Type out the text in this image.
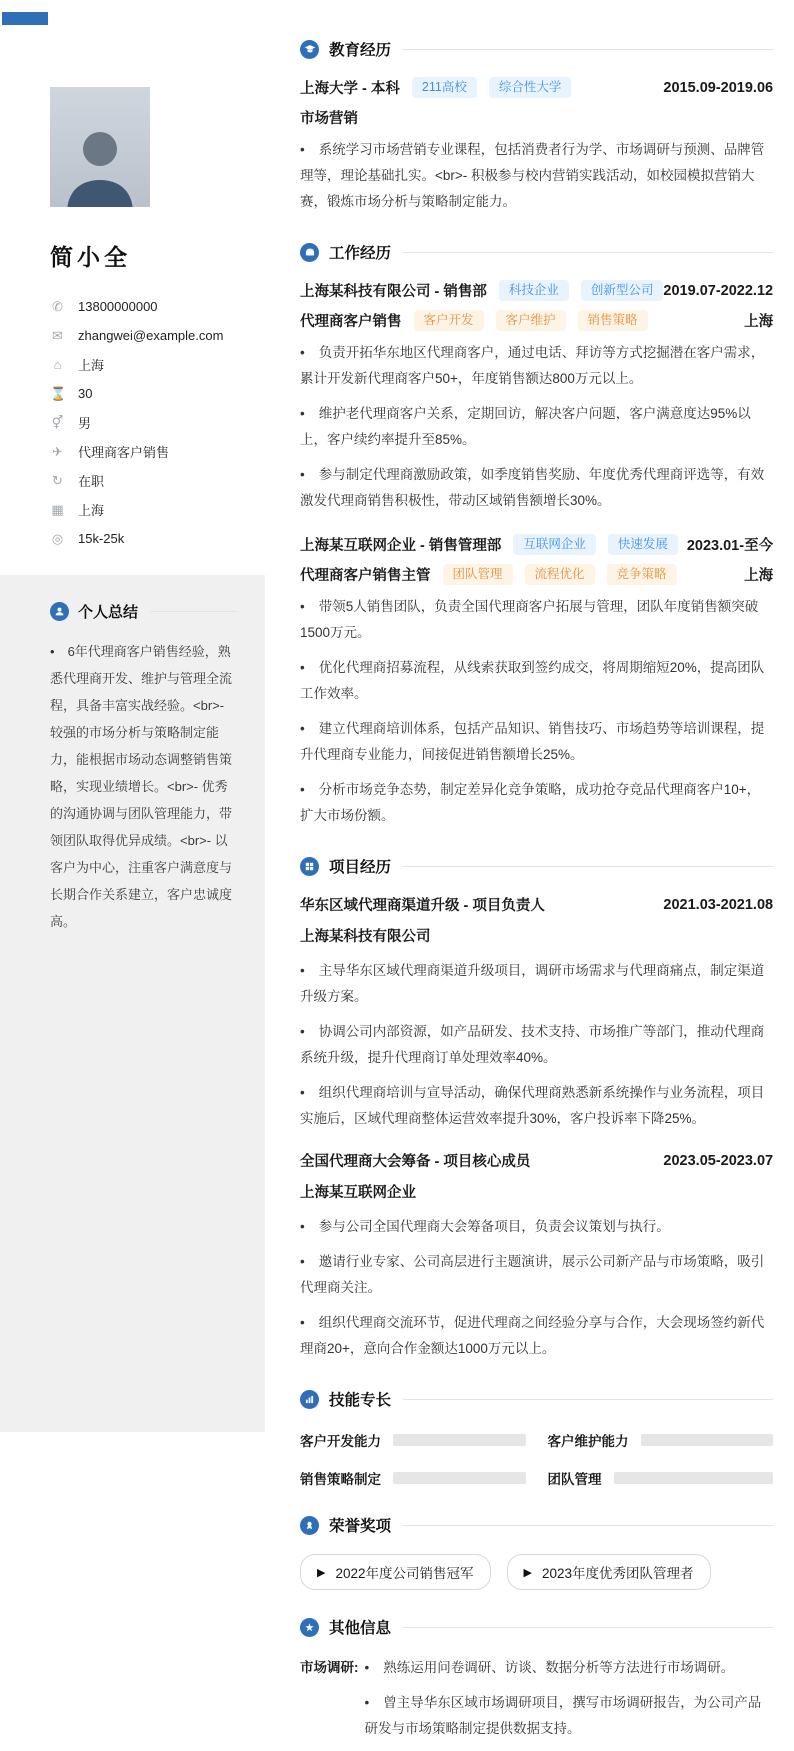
简小全
✆ 13800000000
✉ zhangwei@example.com
⌂ 上海
⌛ 30
⚥ 男
✈ 代理商客户销售
↻ 在职
▦ 上海
◎ 15k-25k
个人总结
• 6年代理商客户销售经验，熟悉代理商开发、维护与管理全流程，具备丰富实战经验。<br>- 较强的市场分析与策略制定能力，能根据市场动态调整销售策略，实现业绩增长。<br>- 优秀的沟通协调与团队管理能力，带领团队取得优异成绩。<br>- 以客户为中心，注重客户满意度与长期合作关系建立，客户忠诚度高。
教育经历
上海大学 - 本科	211高校	综合性大学	2015.09-2019.06
市场营销

• 系统学习市场营销专业课程，包括消费者行为学、市场调研与预测、品牌管理等，理论基础扎实。<br>- 积极参与校内营销实践活动，如校园模拟营销大赛，锻炼市场分析与策略制定能力。

工作经历
上海某科技有限公司 - 销售部	科技企业	创新型公司 2019.07-2022.12
代理商客户销售	客户开发	客户维护	销售策略	上海

• 负责开拓华东地区代理商客户，通过电话、拜访等方式挖掘潜在客户需求，累计开发新代理商客户50+，年度销售额达800万元以上。

• 维护老代理商客户关系，定期回访，解决客户问题，客户满意度达95%以上，客户续约率提升至85%。

• 参与制定代理商激励政策，如季度销售奖励、年度优秀代理商评选等，有效激发代理商销售积极性，带动区域销售额增长30%。

上海某互联网企业 - 销售管理部	互联网企业	快速发展	2023.01-至今
代理商客户销售主管	团队管理	流程优化	竞争策略	上海

• 带领5人销售团队，负责全国代理商客户拓展与管理，团队年度销售额突破1500万元。

• 优化代理商招募流程，从线索获取到签约成交，将周期缩短20%，提高团队工作效率。

• 建立代理商培训体系，包括产品知识、销售技巧、市场趋势等培训课程，提升代理商专业能力，间接促进销售额增长25%。

• 分析市场竞争态势，制定差异化竞争策略，成功抢夺竞品代理商客户10+，扩大市场份额。

项目经历
华东区域代理商渠道升级 - 项目负责人	2021.03-2021.08
上海某科技有限公司

• 主导华东区域代理商渠道升级项目，调研市场需求与代理商痛点，制定渠道升级方案。

• 协调公司内部资源，如产品研发、技术支持、市场推广等部门，推动代理商系统升级，提升代理商订单处理效率40%。

• 组织代理商培训与宣导活动，确保代理商熟悉新系统操作与业务流程，项目实施后，区域代理商整体运营效率提升30%，客户投诉率下降25%。

全国代理商大会筹备 - 项目核心成员	2023.05-2023.07
上海某互联网企业

• 参与公司全国代理商大会筹备项目，负责会议策划与执行。

• 邀请行业专家、公司高层进行主题演讲，展示公司新产品与市场策略，吸引代理商关注。

• 组织代理商交流环节，促进代理商之间经验分享与合作，大会现场签约新代理商20+，意向合作金额达1000万元以上。

技能专长
客户开发能力	客户维护能力
销售策略制定	团队管理
荣誉奖项
▶ 2022年度公司销售冠军	▶ 2023年度优秀团队管理者
其他信息
市场调研:	• 熟练运用问卷调研、访谈、数据分析等方法进行市场调研。

• 曾主导华东区域市场调研项目，撰写市场调研报告，为公司产品研发与市场策略制定提供数据支持。
